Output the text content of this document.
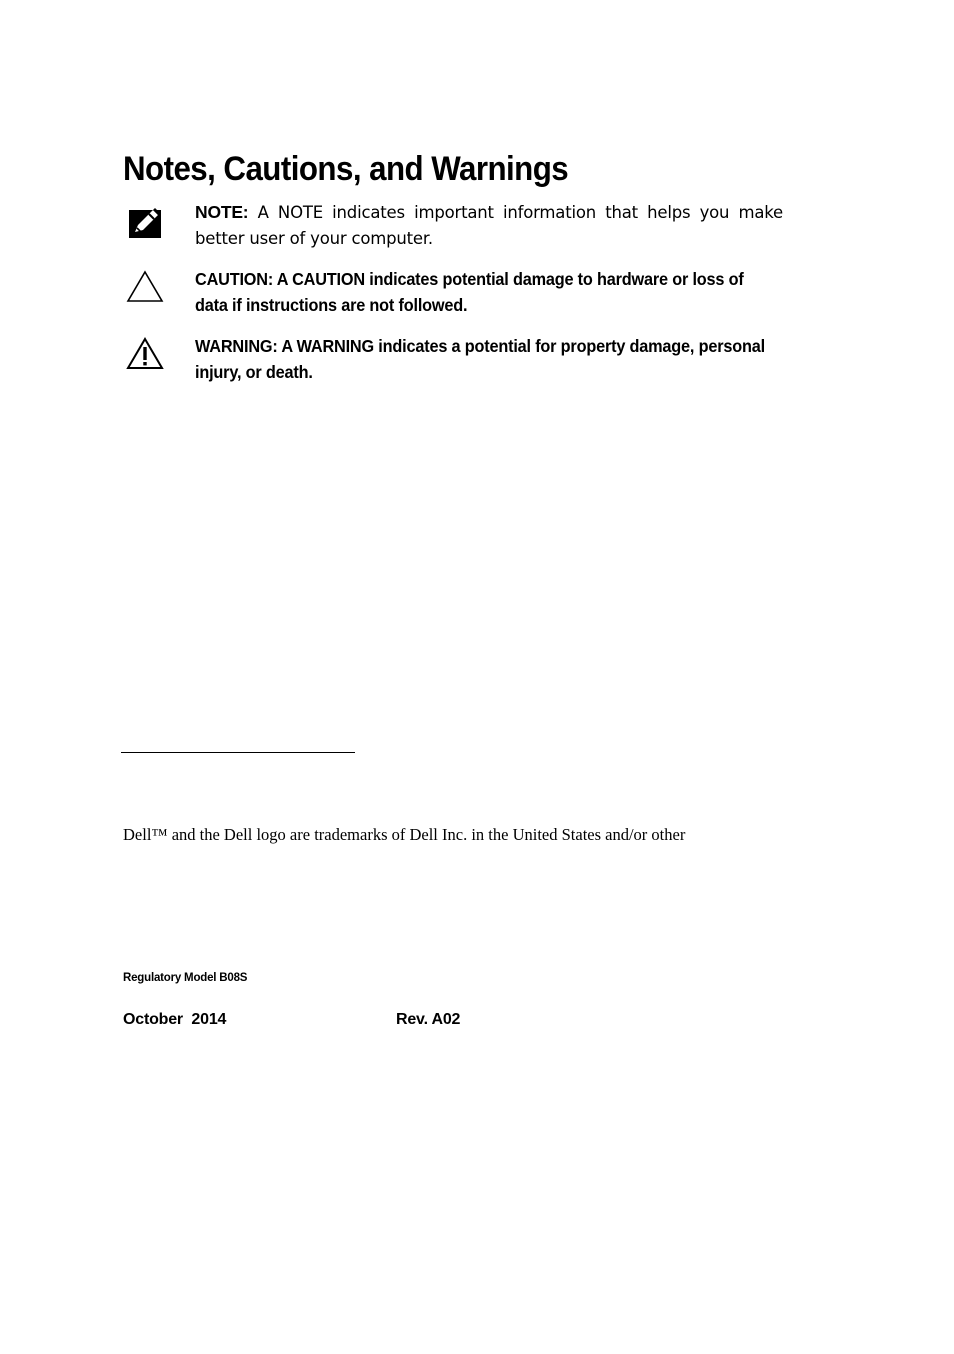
Notes, Cautions, and Warnings
NOTE: A NOTE indicates important information that helps you make better user of your computer.
CAUTION: A CAUTION indicates potential damage to hardware or loss of data if instructions are not followed.
WARNING: A WARNING indicates a potential for property damage, personal injury, or death.
Dell™ and the Dell logo are trademarks of Dell Inc. in the United States and/or other
Regulatory Model B08S
October  2014	Rev. A02
